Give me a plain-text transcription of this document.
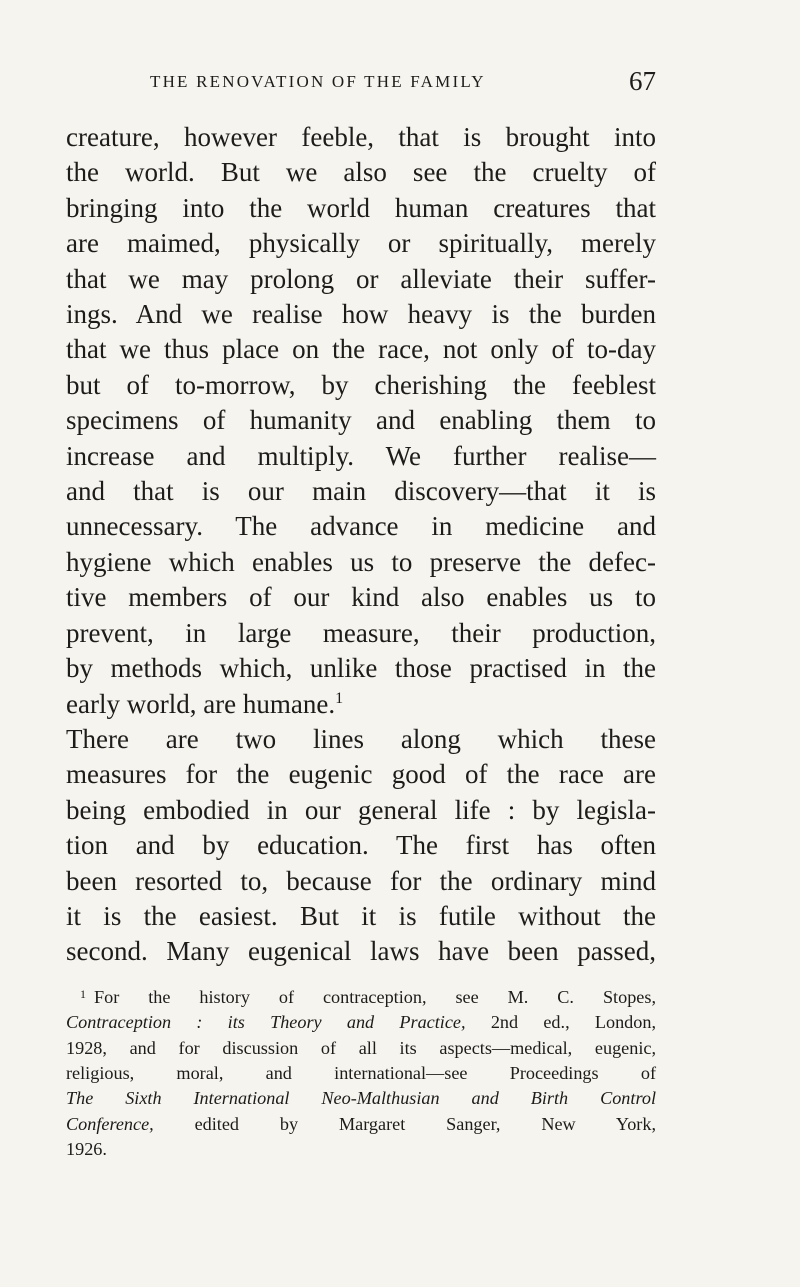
THE RENOVATION OF THE FAMILY	67
creature, however feeble, that is brought into
the world. But we also see the cruelty of
bringing into the world human creatures that
are maimed, physically or spiritually, merely
that we may prolong or alleviate their suffer-
ings. And we realise how heavy is the burden
that we thus place on the race, not only of to-day
but of to-morrow, by cherishing the feeblest
specimens of humanity and enabling them to
increase and multiply. We further realise—
and that is our main discovery—that it is
unnecessary. The advance in medicine and
hygiene which enables us to preserve the defec-
tive members of our kind also enables us to
prevent, in large measure, their production,
by methods which, unlike those practised in the
early world, are humane.$^1$
There are two lines along which these
measures for the eugenic good of the race are
being embodied in our general life : by legisla-
tion and by education. The first has often
been resorted to, because for the ordinary mind
it is the easiest. But it is futile without the
second. Many eugenical laws have been passed,
$^1$ For the history of contraception, see M. C. Stopes,
Contraception : its Theory and Practice, 2nd ed., London,
1928, and for discussion of all its aspects—medical, eugenic,
religious, moral, and international—see Proceedings of
The Sixth International Neo-Malthusian and Birth Control
Conference, edited by Margaret Sanger, New York,
1926.
